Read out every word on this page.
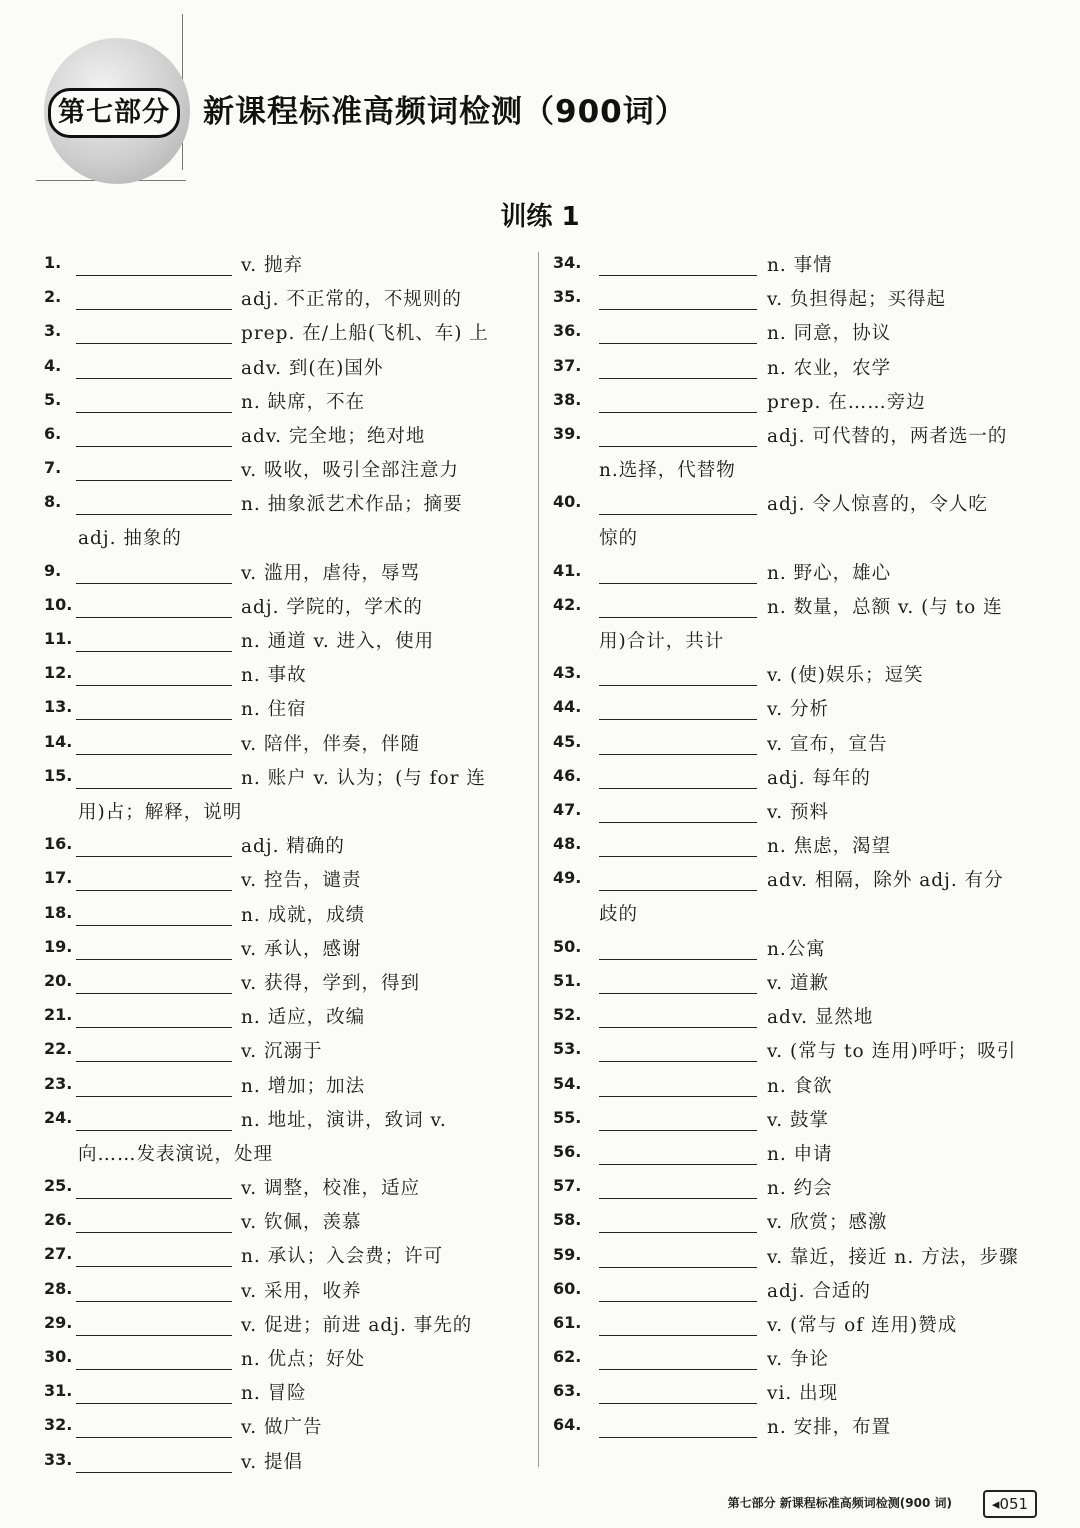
第七部分	新课程标准高频词检测（900词）
训练 1
1.	v. 抛弃
2.	adj. 不正常的，不规则的
3.	prep. 在/上船(飞机、车) 上
4.	adv. 到(在)国外
5.	n. 缺席，不在
6.	adv. 完全地；绝对地
7.	v. 吸收，吸引全部注意力
8.	n. 抽象派艺术作品；摘要
adj. 抽象的
9.	v. 滥用，虐待，辱骂
10.	adj. 学院的，学术的
11.	n. 通道 v. 进入，使用
12.	n. 事故
13.	n. 住宿
14.	v. 陪伴，伴奏，伴随
15.	n. 账户 v. 认为；(与 for 连
用)占；解释，说明
16.	adj. 精确的
17.	v. 控告，谴责
18.	n. 成就，成绩
19.	v. 承认，感谢
20.	v. 获得，学到，得到
21.	n. 适应，改编
22.	v. 沉溺于
23.	n. 增加；加法
24.	n. 地址，演讲，致词 v.
向……发表演说，处理
25.	v. 调整，校准，适应
26.	v. 钦佩，羡慕
27.	n. 承认；入会费；许可
28.	v. 采用，收养
29.	v. 促进；前进 adj. 事先的
30.	n. 优点；好处
31.	n. 冒险
32.	v. 做广告
33.	v. 提倡
34.	n. 事情
35.	v. 负担得起；买得起
36.	n. 同意，协议
37.	n. 农业，农学
38.	prep. 在……旁边
39.	adj. 可代替的，两者选一的
n.选择，代替物
40.	adj. 令人惊喜的，令人吃
惊的
41.	n. 野心，雄心
42.	n. 数量，总额 v. (与 to 连
用)合计，共计
43.	v. (使)娱乐；逗笑
44.	v. 分析
45.	v. 宣布，宣告
46.	adj. 每年的
47.	v. 预料
48.	n. 焦虑，渴望
49.	adv. 相隔，除外 adj. 有分
歧的
50.	n.公寓
51.	v. 道歉
52.	adv. 显然地
53.	v. (常与 to 连用)呼吁；吸引
54.	n. 食欲
55.	v. 鼓掌
56.	n. 申请
57.	n. 约会
58.	v. 欣赏；感激
59.	v. 靠近，接近 n. 方法，步骤
60.	adj. 合适的
61.	v. (常与 of 连用)赞成
62.	v. 争论
63.	vi. 出现
64.	n. 安排，布置
第七部分 新课程标准高频词检测(900 词)	◂051
